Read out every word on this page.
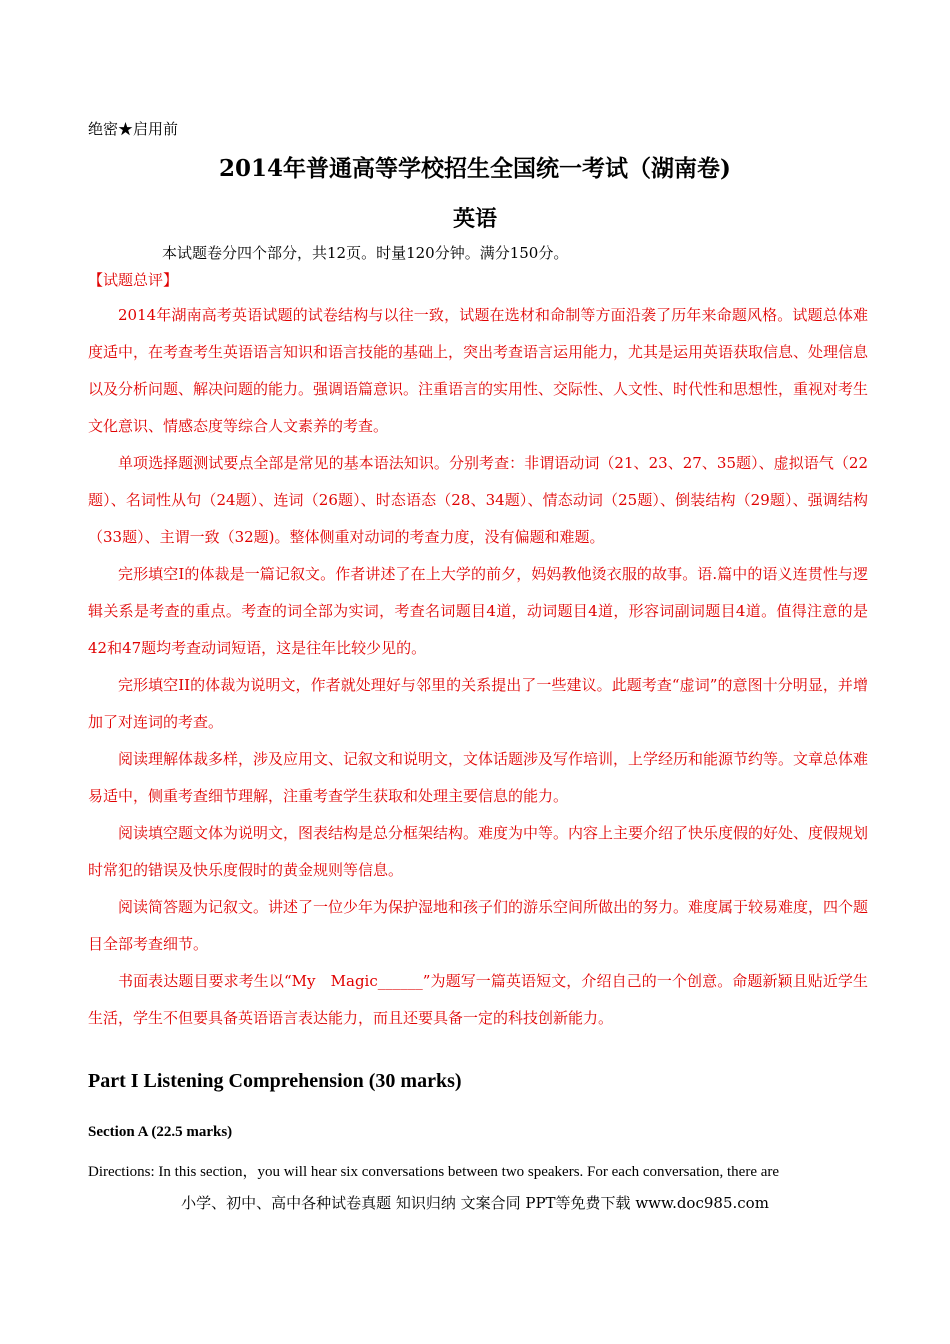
绝密★启用前
2014年普通高等学校招生全国统一考试（湖南卷)
英语
本试题卷分四个部分，共12页。时量120分钟。满分150分。
【试题总评】

2014年湖南高考英语试题的试卷结构与以往一致，试题在选材和命制等方面沿袭了历年来命题风格。试题总体难度适中，在考查考生英语语言知识和语言技能的基础上，突出考查语言运用能力，尤其是运用英语获取信息、处理信息以及分析问题、解决问题的能力。强调语篇意识。注重语言的实用性、交际性、人文性、时代性和思想性，重视对考生文化意识、情感态度等综合人文素养的考查。

单项选择题测试要点全部是常见的基本语法知识。分别考查：非谓语动词（21、23、27、35题）、虚拟语气（22题）、名词性从句（24题）、连词（26题）、时态语态（28、34题）、情态动词（25题）、倒装结构（29题）、强调结构（33题）、主谓一致（32题)。整体侧重对动词的考查力度，没有偏题和难题。

完形填空I的体裁是一篇记叙文。作者讲述了在上大学的前夕，妈妈教他烫衣服的故事。语.篇中的语义连贯性与逻辑关系是考查的重点。考查的词全部为实词，考查名词题目4道，动词题目4道，形容词副词题目4道。值得注意的是42和47题均考查动词短语，这是往年比较少见的。

完形填空II的体裁为说明文，作者就处理好与邻里的关系提出了一些建议。此题考查“虚词”的意图十分明显，并增加了对连词的考查。

阅读理解体裁多样，涉及应用文、记叙文和说明文，文体话题涉及写作培训，上学经历和能源节约等。文章总体难易适中，侧重考查细节理解，注重考查学生获取和处理主要信息的能力。

阅读填空题文体为说明文，图表结构是总分框架结构。难度为中等。内容上主要介绍了快乐度假的好处、度假规划时常犯的错误及快乐度假时的黄金规则等信息。

阅读简答题为记叙文。讲述了一位少年为保护湿地和孩子们的游乐空间所做出的努力。难度属于较易难度，四个题目全部考查细节。

书面表达题目要求考生以“My　Magic______”为题写一篇英语短文，介绍自己的一个创意。命题新颖且贴近学生生活，学生不但要具备英语语言表达能力，而且还要具备一定的科技创新能力。

Part I Listening Comprehension (30 marks)
Section A (22.5 marks)
Directions: In this section，you will hear six conversations between two speakers. For each conversation, there are
小学、初中、高中各种试卷真题 知识归纳 文案合同 PPT等免费下载 www.doc985.com
